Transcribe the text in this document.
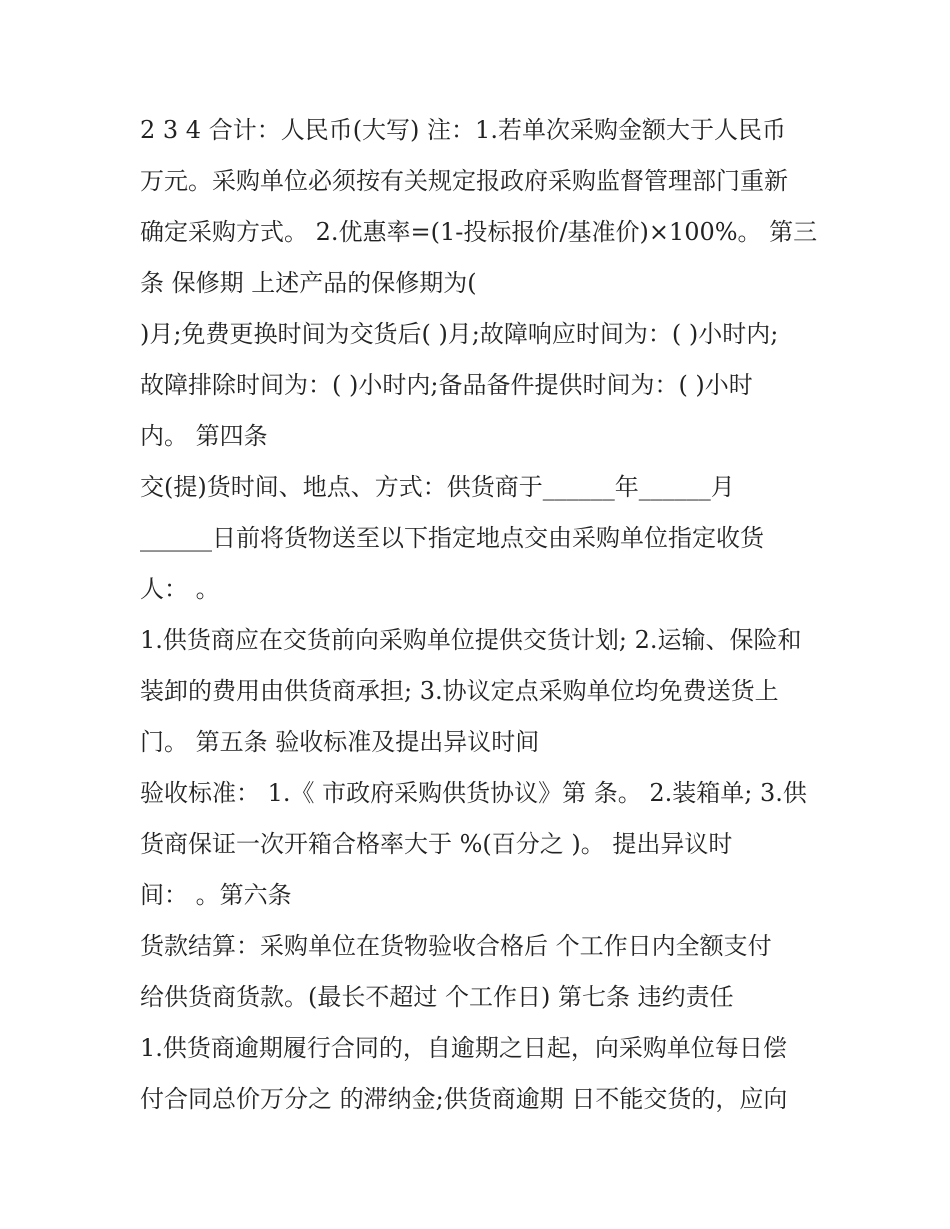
2 3 4 合计：人民币(大写) 注：1.若单次采购金额大于人民币
万元。采购单位必须按有关规定报政府采购监督管理部门重新
确定采购方式。 2.优惠率=(1-投标报价/基准价)×100%。 第三
条 保修期 上述产品的保修期为(
)月;免费更换时间为交货后( )月;故障响应时间为：( )小时内;
故障排除时间为：( )小时内;备品备件提供时间为：( )小时
内。 第四条
交(提)货时间、地点、方式：供货商于______年______月
______日前将货物送至以下指定地点交由采购单位指定收货
人： 。
1.供货商应在交货前向采购单位提供交货计划; 2.运输、保险和
装卸的费用由供货商承担; 3.协议定点采购单位均免费送货上
门。 第五条 验收标准及提出异议时间
验收标准： 1.《 市政府采购供货协议》第 条。 2.装箱单; 3.供
货商保证一次开箱合格率大于 %(百分之 )。 提出异议时
间： 。第六条
货款结算：采购单位在货物验收合格后 个工作日内全额支付
给供货商货款。(最长不超过 个工作日) 第七条 违约责任
1.供货商逾期履行合同的，自逾期之日起，向采购单位每日偿
付合同总价万分之 的滞纳金;供货商逾期 日不能交货的，应向
